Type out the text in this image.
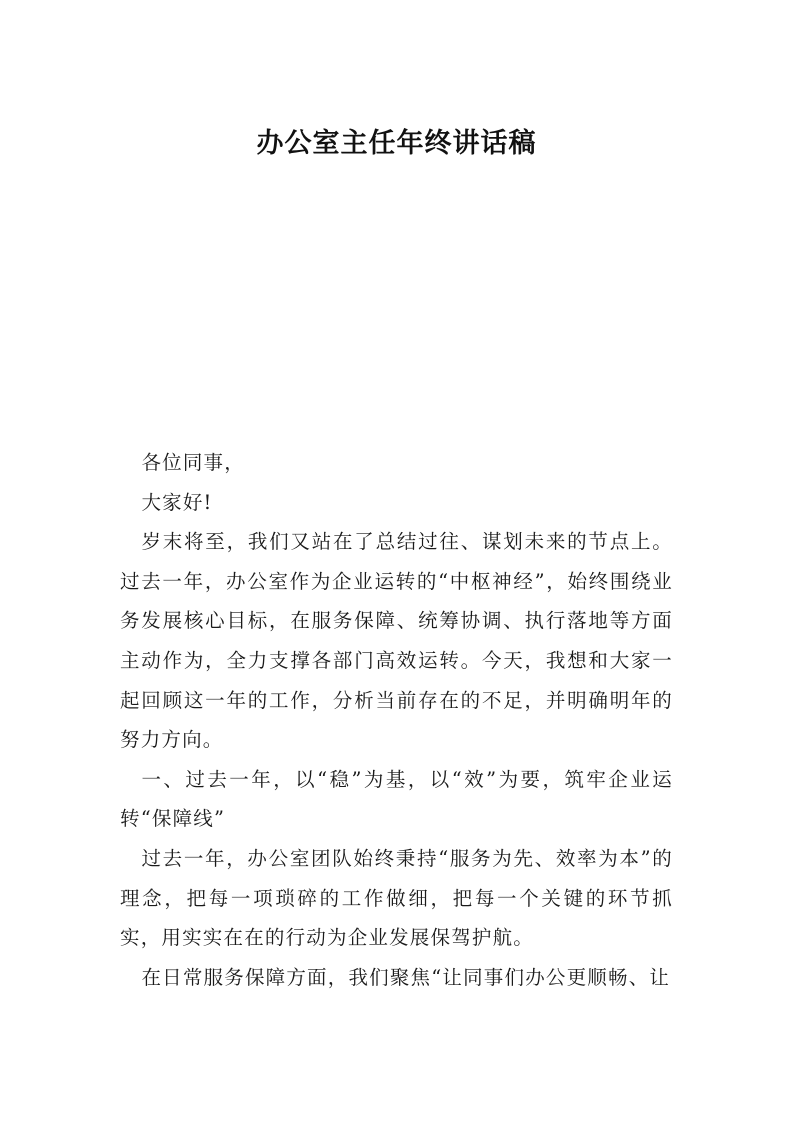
办公室主任年终讲话稿

各位同事，

大家好!

岁末将至，我们又站在了总结过往、谋划未来的节点上。过去一年，办公室作为企业运转的“中枢神经”，始终围绕业务发展核心目标，在服务保障、统筹协调、执行落地等方面主动作为，全力支撑各部门高效运转。今天，我想和大家一起回顾这一年的工作，分析当前存在的不足，并明确明年的努力方向。

一、过去一年，以“稳”为基，以“效”为要，筑牢企业运转“保障线”

过去一年，办公室团队始终秉持“服务为先、效率为本”的理念，把每一项琐碎的工作做细，把每一个关键的环节抓实，用实实在在的行动为企业发展保驾护航。

在日常服务保障方面，我们聚焦“让同事们办公更顺畅、让
